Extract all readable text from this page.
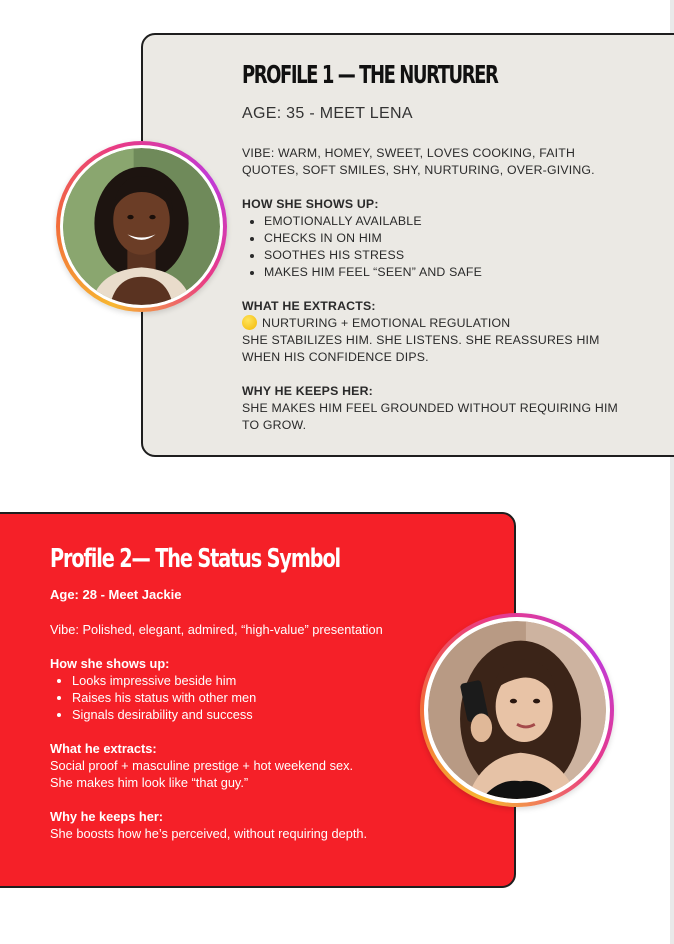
PROFILE 1 — THE NURTURER
AGE: 35 - MEET LENA

VIBE: WARM, HOMEY, SWEET, LOVES COOKING, FAITH QUOTES, SOFT SMILES, SHY, NURTURING, OVER-GIVING.

HOW SHE SHOWS UP:

• EMOTIONALLY AVAILABLE
• CHECKS IN ON HIM
• SOOTHES HIS STRESS
• MAKES HIM FEEL “SEEN” AND SAFE

WHAT HE EXTRACTS:

NURTURING + EMOTIONAL REGULATION

SHE STABILIZES HIM. SHE LISTENS. SHE REASSURES HIM WHEN HIS CONFIDENCE DIPS.

WHY HE KEEPS HER:

SHE MAKES HIM FEEL GROUNDED WITHOUT REQUIRING HIM TO GROW.

Profile 2— The Status Symbol
Age: 28 - Meet Jackie

Vibe: Polished, elegant, admired, “high-value” presentation

How she shows up:

• Looks impressive beside him
• Raises his status with other men
• Signals desirability and success

What he extracts:

Social proof + masculine prestige + hot weekend sex.

She makes him look like “that guy.”

Why he keeps her:

She boosts how he’s perceived, without requiring depth.
